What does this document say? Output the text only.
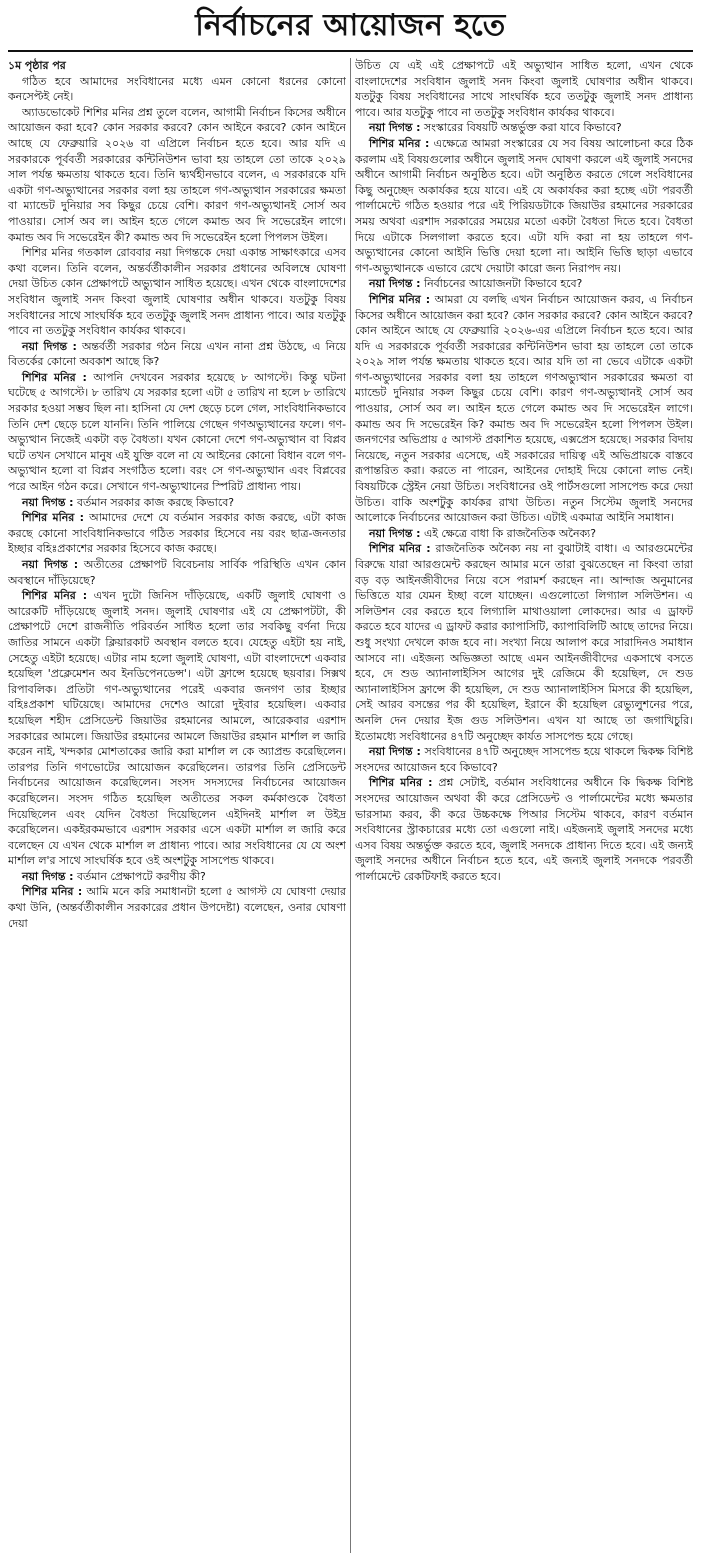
নির্বাচনের আয়োজন হতে

১ম পৃষ্ঠার পর

গঠিত হবে আমাদের সংবিধানের মধ্যে এমন কোনো ধরনের কোনো কনসেপ্টই নেই।

অ্যাডভোকেট শিশির মনির প্রশ্ন তুলে বলেন, আগামী নির্বাচন কিসের অধীনে আয়োজন করা হবে? কোন সরকার করবে? কোন আইনে করবে? কোন আইনে আছে যে ফেব্রুয়ারি ২০২৬ বা এপ্রিলে নির্বাচন হতে হবে। আর যদি এ সরকারকে পূর্ববর্তী সরকারের কন্টিনিউশন ভাবা হয় তাহলে তো তাকে ২০২৯ সাল পর্যন্ত ক্ষমতায় থাকতে হবে। তিনি দ্ব্যর্থহীনভাবে বলেন, এ সরকারকে যদি একটা গণ-অভ্যুত্থানের সরকার বলা হয় তাহলে গণ-অভ্যুত্থান সরকারের ক্ষমতা বা ম্যান্ডেট দুনিয়ার সব কিছুর চেয়ে বেশি। কারণ গণ-অভ্যুত্থানই সোর্স অব পাওয়ার। সোর্স অব ল। আইন হতে গেলে কমান্ড অব দি সভেরেইন লাগে। কমান্ড অব দি সভেরেইন কী? কমান্ড অব দি সভেরেইন হলো পিপলস উইল।

শিশির মনির গতকাল রোববার নয়া দিগন্তকে দেয়া একান্ত সাক্ষাৎকারে এসব কথা বলেন। তিনি বলেন, অন্তর্বর্তীকালীন সরকার প্রধানের অবিলম্বে ঘোষণা দেয়া উচিত কোন প্রেক্ষাপটে অভ্যুত্থান সাধিত হয়েছে। এখন থেকে বাংলাদেশের সংবিধান জুলাই সনদ কিংবা জুলাই ঘোষণার অধীন থাকবে। যতটুকু বিষয় সংবিধানের সাথে সাংঘর্ষিক হবে ততটুকু জুলাই সনদ প্রাধান্য পাবে। আর যতটুকু পাবে না ততটুকু সংবিধান কার্যকর থাকবে।

নয়া দিগন্ত : অন্তর্বর্তী সরকার গঠন নিয়ে এখন নানা প্রশ্ন উঠছে, এ নিয়ে বিতর্কের কোনো অবকাশ আছে কি?

শিশির মনির : আপনি দেখবেন সরকার হয়েছে ৮ আগস্টে। কিন্তু ঘটনা ঘটেছে ৫ আগস্টে। ৮ তারিখ যে সরকার হলো এটা ৫ তারিখ না হলে ৮ তারিখে সরকার হওয়া সম্ভব ছিল না। হাসিনা যে দেশ ছেড়ে চলে গেল, সাংবিধানিকভাবে তিনি দেশ ছেড়ে চলে যাননি। তিনি পালিয়ে গেছেন গণঅভ্যুত্থানের ফলে। গণ-অভ্যুত্থান নিজেই একটা বড় বৈধতা। যখন কোনো দেশে গণ-অভ্যুত্থান বা বিপ্লব ঘটে তখন সেখানে মানুষ এই যুক্তি বলে না যে আইনের কোনো বিধান বলে গণ-অভ্যুত্থান হলো বা বিপ্লব সংগঠিত হলো। বরং সে গণ-অভ্যুত্থান এবং বিপ্লবের পরে আইন গঠন করে। সেখানে গণ-অভ্যুত্থানের স্পিরিট প্রাধান্য পায়।

নয়া দিগন্ত : বর্তমান সরকার কাজ করছে কিভাবে?

শিশির মনির : আমাদের দেশে যে বর্তমান সরকার কাজ করছে, এটা কাজ করছে কোনো সাংবিধানিকভাবে গঠিত সরকার হিসেবে নয় বরং ছাত্র-জনতার ইচ্ছার বহিঃপ্রকাশের সরকার হিসেবে কাজ করছে।

নয়া দিগন্ত : অতীতের প্রেক্ষাপট বিবেচনায় সার্বিক পরিস্থিতি এখন কোন অবস্থানে দাঁড়িয়েছে?

শিশির মনির : এখন দুটো জিনিস দাঁড়িয়েছে, একটি জুলাই ঘোষণা ও আরেকটি দাঁড়িয়েছে জুলাই সনদ। জুলাই ঘোষণার এই যে প্রেক্ষাপটটা, কী প্রেক্ষাপটে দেশে রাজনীতি পরিবর্তন সাধিত হলো তার সবকিছু বর্ণনা দিয়ে জাতির সামনে একটা ক্লিয়ারকাট অবস্থান বলতে হবে। যেহেতু এইটা হয় নাই, সেহেতু এইটা হয়েছে। এটার নাম হলো জুলাই ঘোষণা, এটা বাংলাদেশে একবার হয়েছিল 'প্রক্লেমেশন অব ইনডিপেনডেন্স'। এটা ফ্রান্সে হয়েছে ছয়বার। সিক্সথ রিপাবলিক। প্রতিটা গণ-অভ্যুত্থানের পরেই একবার জনগণ তার ইচ্ছার বহিঃপ্রকাশ ঘটিয়েছে। আমাদের দেশেও আরো দুইবার হয়েছিল। একবার হয়েছিল শহীদ প্রেসিডেন্ট জিয়াউর রহমানের আমলে, আরেকবার এরশাদ সরকারের আমলে। জিয়াউর রহমানের আমলে জিয়াউর রহমান মার্শাল ল জারি করেন নাই, খন্দকার মোশতাকের জারি করা মার্শাল ল কে অ্যাপ্রন্ড করেছিলেন। তারপর তিনি গণভোটের আয়োজন করেছিলেন। তারপর তিনি প্রেসিডেন্ট নির্বাচনের আয়োজন করেছিলেন। সংসদ সদস্যদের নির্বাচনের আয়োজন করেছিলেন। সংসদ গঠিত হয়েছিল অতীতের সকল কর্মকাণ্ডকে বৈধতা দিয়েছিলেন এবং যেদিন বৈধতা দিয়েছিলেন এইদিনই মার্শাল ল উইদ্র করেছিলেন। একইরকমভাবে এরশাদ সরকার এসে একটা মার্শাল ল জারি করে বলেছেন যে এখন থেকে মার্শাল ল প্রাধান্য পাবে। আর সংবিধানের যে যে অংশ মার্শাল ল'র সাথে সাংঘর্ষিক হবে ওই অংশটুকু সাসপেন্ড থাকবে।

নয়া দিগন্ত : বর্তমান প্রেক্ষাপটে করণীয় কী?

শিশির মনির : আমি মনে করি সমাধানটা হলো ৫ আগস্ট যে ঘোষণা দেয়ার কথা উনি, (অন্তর্বর্তীকালীন সরকারের প্রধান উপদেষ্টা) বলেছেন, ওনার ঘোষণা দেয়া

উচিত যে এই এই প্রেক্ষাপটে এই অভ্যুত্থান সাধিত হলো, এখন থেকে বাংলাদেশের সংবিধান জুলাই সনদ কিংবা জুলাই ঘোষণার অধীন থাকবে। যতটুকু বিষয় সংবিধানের সাথে সাংঘর্ষিক হবে ততটুকু জুলাই সনদ প্রাধান্য পাবে। আর যতটুকু পাবে না ততটুকু সংবিধান কার্যকর থাকবে।

নয়া দিগন্ত : সংস্কারের বিষয়টি অন্তর্ভুক্ত করা যাবে কিভাবে?

শিশির মনির : এক্ষেত্রে আমরা সংস্কারের যে সব বিষয় আলোচনা করে ঠিক করলাম এই বিষয়গুলোর অধীনে জুলাই সনদ ঘোষণা করলে এই জুলাই সনদের অধীনে আগামী নির্বাচন অনুষ্ঠিত হবে। এটা অনুষ্ঠিত করতে গেলে সংবিধানের কিছু অনুচ্ছেদ অকার্যকর হয়ে যাবে। এই যে অকার্যকর করা হচ্ছে এটা পরবর্তী পার্লামেন্টে গঠিত হওয়ার পরে এই পিরিয়ডটাকে জিয়াউর রহমানের সরকারের সময় অথবা এরশাদ সরকারের সময়ের মতো একটা বৈধতা দিতে হবে। বৈধতা দিয়ে এটাকে সিলগালা করতে হবে। এটা যদি করা না হয় তাহলে গণ-অভ্যুত্থানের কোনো আইনি ভিত্তি দেয়া হলো না। আইনি ভিত্তি ছাড়া এভাবে গণ-অভ্যুত্থানকে এভাবে রেখে দেয়াটা কারো জন্য নিরাপদ নয়।

নয়া দিগন্ত : নির্বাচনের আয়োজনটা কিভাবে হবে?

শিশির মনির : আমরা যে বলছি এখন নির্বাচন আয়োজন করব, এ নির্বাচন কিসের অধীনে আয়োজন করা হবে? কোন সরকার করবে? কোন আইনে করবে? কোন আইনে আছে যে ফেব্রুয়ারি ২০২৬-এর এপ্রিলে নির্বাচন হতে হবে। আর যদি এ সরকারকে পূর্ববর্তী সরকারের কন্টিনিউশন ভাবা হয় তাহলে তো তাকে ২০২৯ সাল পর্যন্ত ক্ষমতায় থাকতে হবে। আর যদি তা না ভেবে এটাকে একটা গণ-অভ্যুত্থানের সরকার বলা হয় তাহলে গণঅভ্যুত্থান সরকারের ক্ষমতা বা ম্যান্ডেট দুনিয়ার সকল কিছুর চেয়ে বেশি। কারণ গণ-অভ্যুত্থানই সোর্স অব পাওয়ার, সোর্স অব ল। আইন হতে গেলে কমান্ড অব দি সভেরেইন লাগে। কমান্ড অব দি সভেরেইন কি? কমান্ড অব দি সভেরেইন হলো পিপলস উইল। জনগণের অভিপ্রায় ৫ আগস্ট প্রকাশিত হয়েছে, এক্সপ্রেস হয়েছে। সরকার বিদায় নিয়েছে, নতুন সরকার এসেছে, এই সরকারের দায়িত্ব এই অভিপ্রায়কে বাস্তবে রূপান্তরিত করা। করতে না পারেন, আইনের দোহাই দিয়ে কোনো লাভ নেই। বিষয়টিকে স্ট্রেইন নেয়া উচিত। সংবিধানের ওই পার্টসগুলো সাসপেন্ড করে দেয়া উচিত। বাকি অংশটুকু কার্যকর রাখা উচিত। নতুন সিস্টেম জুলাই সনদের আলোকে নির্বাচনের আয়োজন করা উচিত। এটাই একমাত্র আইনি সমাধান।

নয়া দিগন্ত : এই ক্ষেত্রে বাধা কি রাজনৈতিক অনৈক্য?

শিশির মনির : রাজনৈতিক অনৈক্য নয় না বুঝাটাই বাধা। এ আরগুমেন্টের বিরুদ্ধে যারা আরগুমেন্ট করছেন আমার মনে তারা বুঝতেছেন না কিংবা তারা বড় বড় আইনজীবীদের নিয়ে বসে পরামর্শ করছেন না। আন্দাজ অনুমানের ভিত্তিতে যার যেমন ইচ্ছা বলে যাচ্ছেন। এগুলোতো লিগ্যাল সলিউশন। এ সলিউশন বের করতে হবে লিগ্যালি মাথাওয়ালা লোকদের। আর এ ড্রাফট করতে হবে যাদের এ ড্রাফট করার ক্যাপাসিটি, ক্যাপাবিলিটি আছে তাদের নিয়ে। শুধু সংখ্যা দেখলে কাজ হবে না। সংখ্যা নিয়ে আলাপ করে সারাদিনও সমাধান আসবে না। এইজন্য অভিজ্ঞতা আছে এমন আইনজীবীদের একসাথে বসতে হবে, দে শুড অ্যানালাইসিস আগের দুই রেজিমে কী হয়েছিল, দে শুড অ্যানালাইসিস ফ্রান্সে কী হয়েছিল, দে শুড অ্যানালাইসিস মিসরে কী হয়েছিল, সেই আরব বসন্তের পর কী হয়েছিল, ইরানে কী হয়েছিল রেভ্যুলুশনের পরে, অনলি দেন দেয়ার ইজ গুড সলিউশন। এখন যা আছে তা জগাখিচুরি। ইতোমধ্যে সংবিধানের ৪৭টি অনুচ্ছেদ কার্যত সাসপেন্ড হয়ে গেছে।

নয়া দিগন্ত : সংবিধানের ৪৭টি অনুচ্ছেদ সাসপেন্ড হয়ে থাকলে দ্বিকক্ষ বিশিষ্ট সংসদের আয়োজন হবে কিভাবে?

শিশির মনির : প্রশ্ন সেটাই, বর্তমান সংবিধানের অধীনে কি দ্বিকক্ষ বিশিষ্ট সংসদের আয়োজন অথবা কী করে প্রেসিডেন্ট ও পার্লামেন্টের মধ্যে ক্ষমতার ভারসাম্য করব, কী করে উচ্চকক্ষে পিআর সিস্টেম থাকবে, কারণ বর্তমান সংবিধানের স্ট্রাকচারের মধ্যে তো এগুলো নাই। এইজন্যই জুলাই সনদের মধ্যে এসব বিষয় অন্তর্ভুক্ত করতে হবে, জুলাই সনদকে প্রাধান্য দিতে হবে। এই জন্যই জুলাই সনদের অধীনে নির্বাচন হতে হবে, এই জন্যই জুলাই সনদকে পরবর্তী পার্লামেন্টে রেকটিফাই করতে হবে।
